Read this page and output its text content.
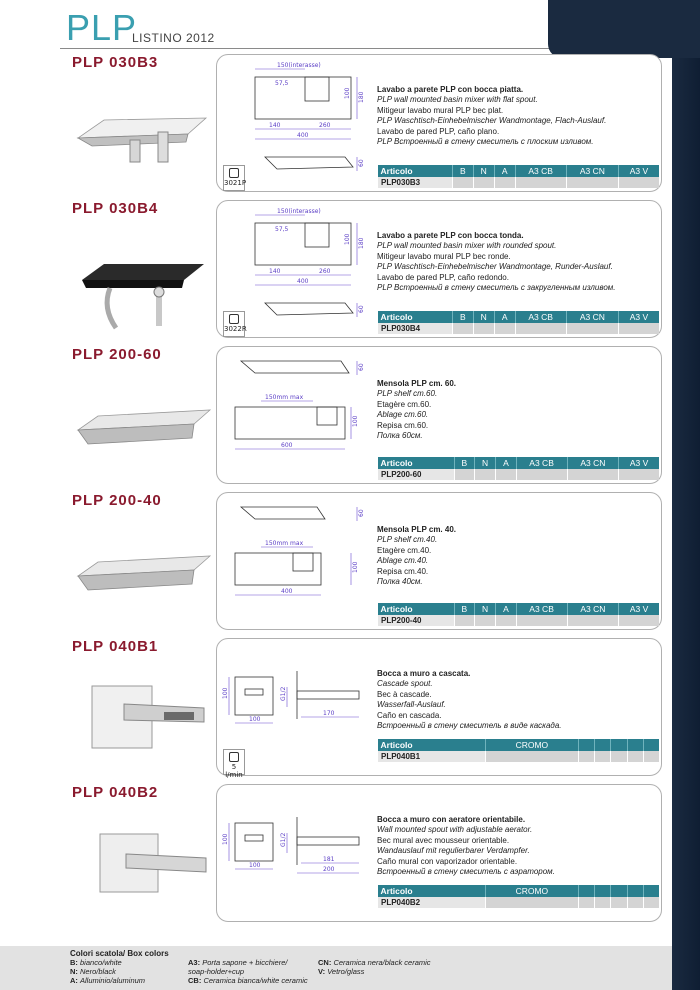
PLP
LISTINO 2012
PLP 030B3	150(interasse)
57,5
140	260
400
180
100
60
3021P
Lavabo a parete PLP con bocca piatta.
PLP wall mounted basin mixer with flat spout.
Mitigeur lavabo mural PLP bec plat.
PLP Waschtisch-Einhebelmischer Wandmontage, Flach-Auslauf.
Lavabo de pared PLP, caño plano.
PLP Встроенный в стену смеситель с плоским изливом.
Articolo	B	N	A	A3 CB	A3 CN	A3 V
PLP030B3						
PLP 030B4	150(interasse)
57,5
140	260
400
180
100
60
3022R
Lavabo a parete PLP con bocca tonda.
PLP wall mounted basin mixer with rounded spout.
Mitigeur lavabo mural PLP bec ronde.
PLP Waschtisch-Einhebelmischer Wandmontage, Runder-Auslauf.
Lavabo de pared PLP, caño redondo.
PLP Встроенный в стену смеситель с закругленным изливом.
Articolo	B	N	A	A3 CB	A3 CN	A3 V
PLP030B4						
PLP 200-60
60
150mm max
100
600
Mensola PLP cm. 60.
PLP shelf cm.60.
Etagère cm.60.
Ablage cm.60.
Repisa cm.60.
Полка 60см.
Articolo	B	N	A	A3 CB	A3 CN	A3 V
PLP200-60						
PLP 200-40
60
150mm max
100
400
Mensola PLP cm. 40.
PLP shelf cm.40.
Etagère cm.40.
Ablage cm.40.
Repisa cm.40.
Полка 40см.
Articolo	B	N	A	A3 CB	A3 CN	A3 V
PLP200-40						
PLP 040B1
100
100
G1/2
170
5 l/min
Bocca a muro a cascata.
Cascade spout.
Bec à cascade.
Wasserfall-Auslauf.
Caño en cascada.
Встроенный в стену смеситель в виде каскада.
Articolo	CROMO					
PLP040B1						
PLP 040B2
100
100
G1/2
181
200
Bocca a muro con aeratore orientabile.
Wall mounted spout with adjustable aerator.
Bec mural avec mousseur orientable.
Wandauslauf mit regulierbarer Verdampfer.
Caño mural con vaporizador orientable.
Встроенный в стену смеситель с аэратором.
Articolo	CROMO					
PLP040B2						
Colori scatola/ Box colors
B: bianco/white
N: Nero/black
A: Alluminio/aluminum
A3: Porta sapone + bicchiere/
soap-holder+cup
CB: Ceramica bianca/white ceramic
CN: Ceramica nera/black ceramic
V: Vetro/glass
